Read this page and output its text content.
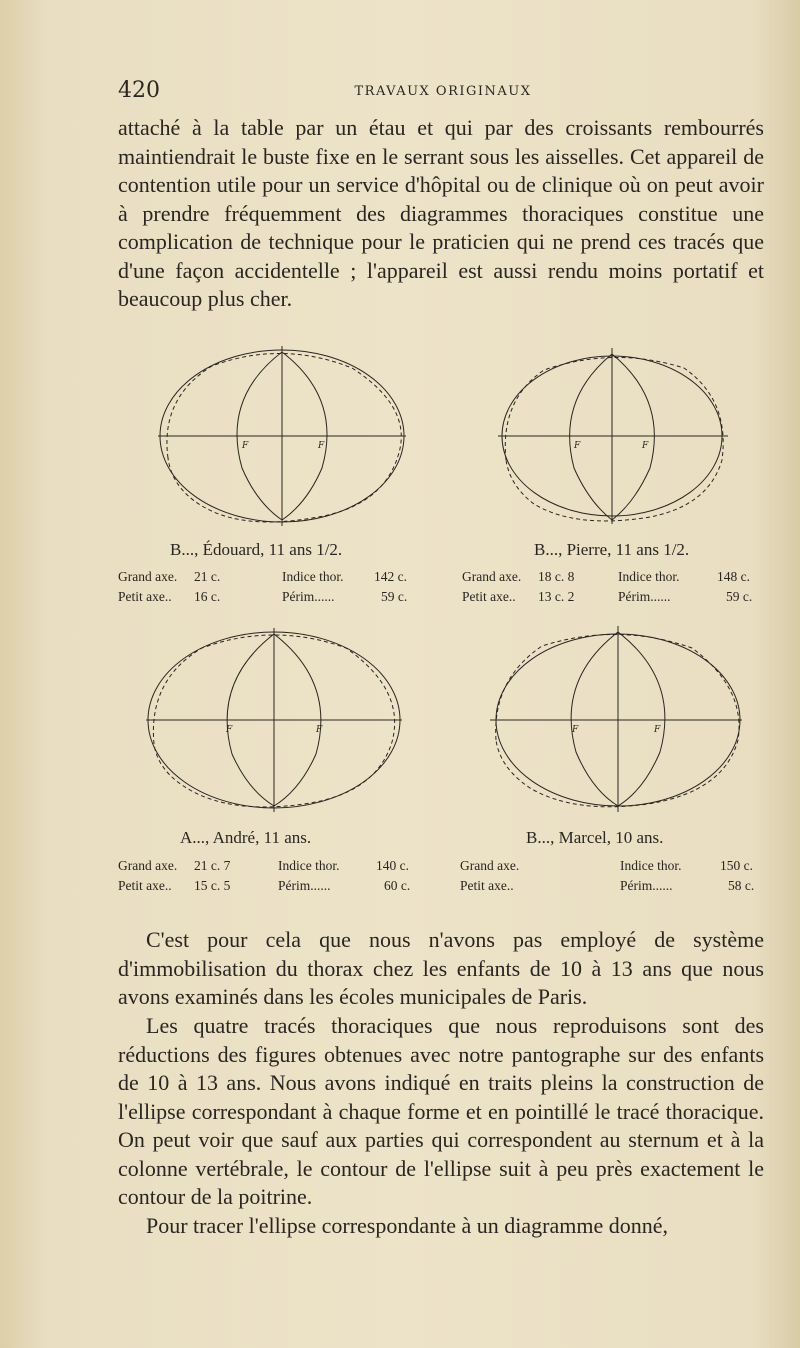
420	TRAVAUX ORIGINAUX

attaché à la table par un étau et qui par des croissants rembourrés maintiendrait le buste fixe en le serrant sous les aisselles. Cet appareil de contention utile pour un service d'hôpital ou de clinique où on peut avoir à prendre fréquemment des diagrammes thoraciques constitue une complication de technique pour le praticien qui ne prend ces tracés que d'une façon accidentelle ; l'appareil est aussi rendu moins portatif et beaucoup plus cher.

F	F	F	F
B..., Édouard, 11 ans 1/2.	B..., Pierre, 11 ans 1/2.
Grand axe. 21 c.	Indice thor. 142 c.
Petit axe.. 16 c.	Périm......	59 c.
Grand axe. 18 c. 8	Indice thor.	148 c.
Petit axe.. 13 c. 2	Périm......	59 c.
F	F	F	F
A..., André, 11 ans.	B..., Marcel, 10 ans.
Grand axe. 21 c. 7	Indice thor.	140 c.
Petit axe.. 15 c. 5	Périm......	60 c.
Grand axe.	Indice thor.	150 c.
Petit axe..	Périm......	58 c.

C'est pour cela que nous n'avons pas employé de système d'immobilisation du thorax chez les enfants de 10 à 13 ans que nous avons examinés dans les écoles municipales de Paris.

Les quatre tracés thoraciques que nous reproduisons sont des réductions des figures obtenues avec notre pantographe sur des enfants de 10 à 13 ans. Nous avons indiqué en traits pleins la construction de l'ellipse correspondant à chaque forme et en pointillé le tracé thoracique. On peut voir que sauf aux parties qui correspondent au sternum et à la colonne vertébrale, le contour de l'ellipse suit à peu près exactement le contour de la poitrine.

Pour tracer l'ellipse correspondante à un diagramme donné,
